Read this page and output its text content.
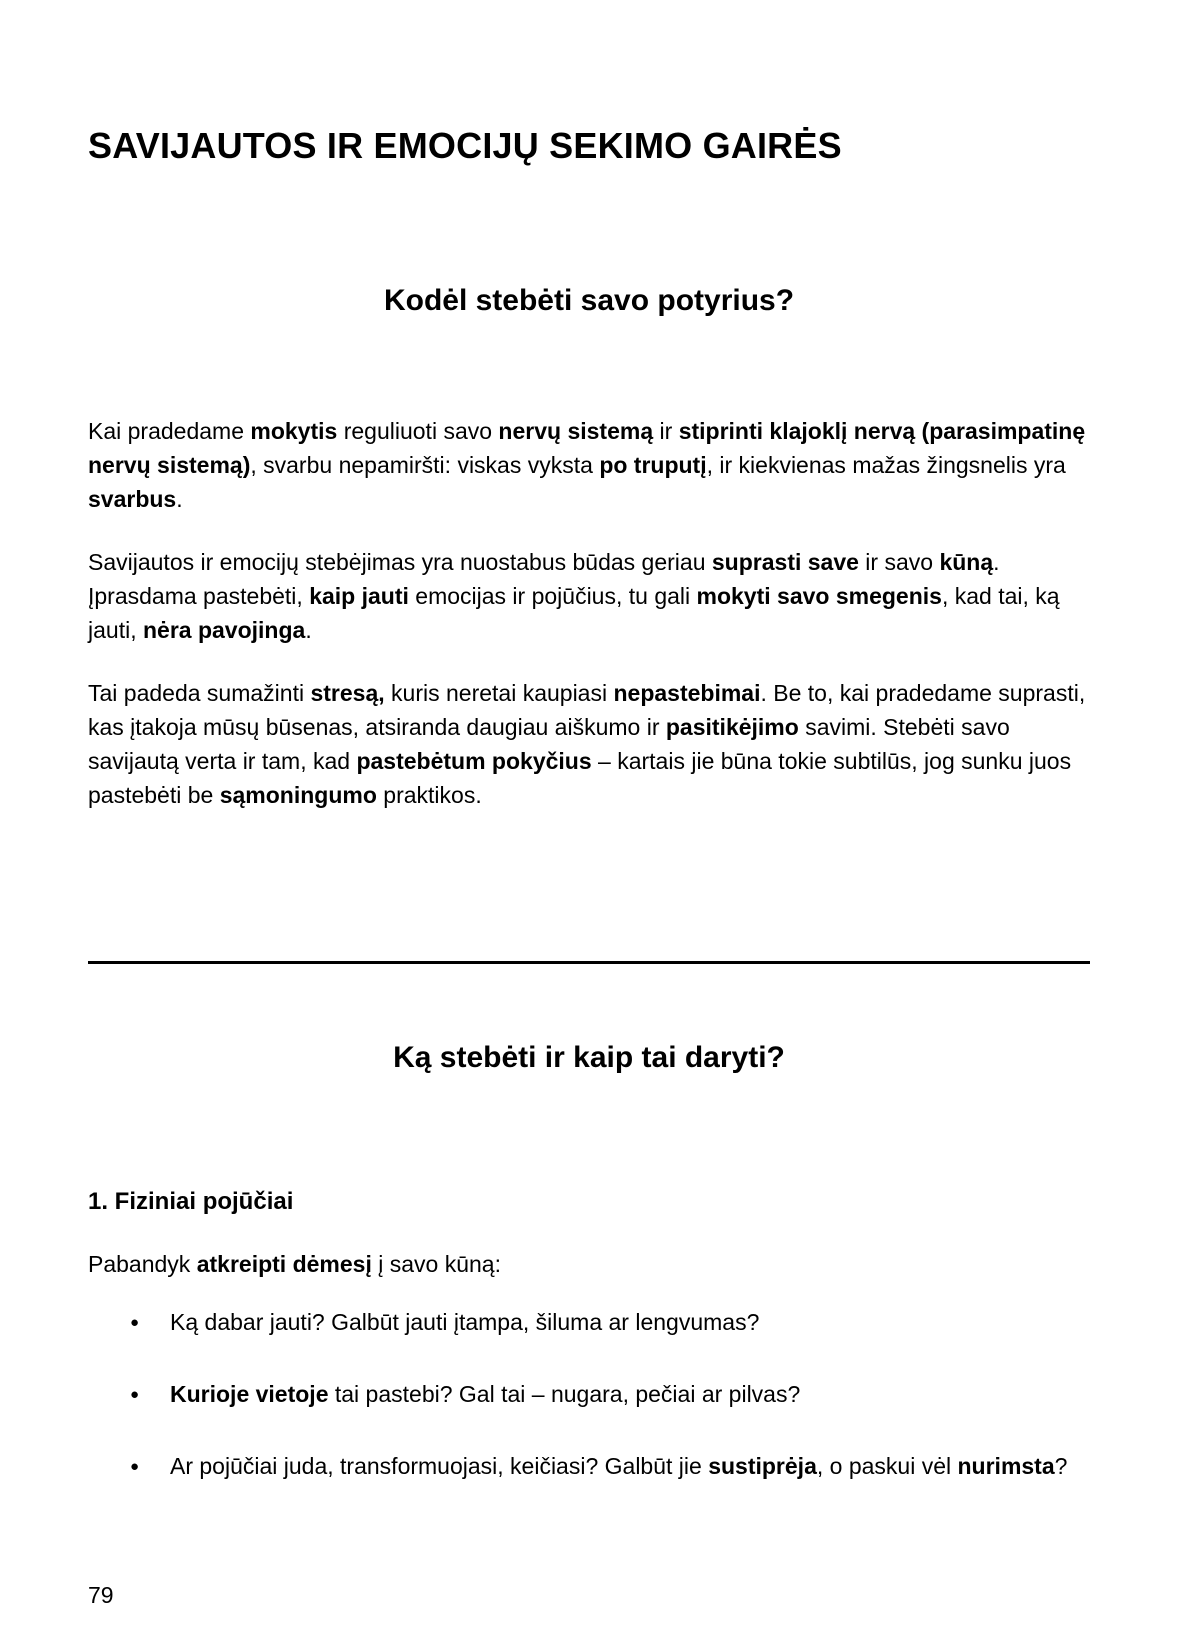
SAVIJAUTOS IR EMOCIJŲ SEKIMO GAIRĖS
Kodėl stebėti savo potyrius?

Kai pradedame mokytis reguliuoti savo nervų sistemą ir stiprinti klajoklį nervą (parasimpatinę nervų sistemą), svarbu nepamiršti: viskas vyksta po truputį, ir kiekvienas mažas žingsnelis yra svarbus.

Savijautos ir emocijų stebėjimas yra nuostabus būdas geriau suprasti save ir savo kūną. Įprasdama pastebėti, kaip jauti emocijas ir pojūčius, tu gali mokyti savo smegenis, kad tai, ką jauti, nėra pavojinga.

Tai padeda sumažinti stresą, kuris neretai kaupiasi nepastebimai. Be to, kai pradedame suprasti, kas įtakoja mūsų būsenas, atsiranda daugiau aiškumo ir pasitikėjimo savimi. Stebėti savo savijautą verta ir tam, kad pastebėtum pokyčius – kartais jie būna tokie subtilūs, jog sunku juos pastebėti be sąmoningumo praktikos.

Ką stebėti ir kaip tai daryti?
1. Fiziniai pojūčiai

Pabandyk atkreipti dėmesį į savo kūną:

● Ką dabar jauti? Galbūt jauti įtampa, šiluma ar lengvumas?
● Kurioje vietoje tai pastebi? Gal tai – nugara, pečiai ar pilvas?
● Ar pojūčiai juda, transformuojasi, keičiasi? Galbūt jie sustiprėja, o paskui vėl nurimsta?
79
